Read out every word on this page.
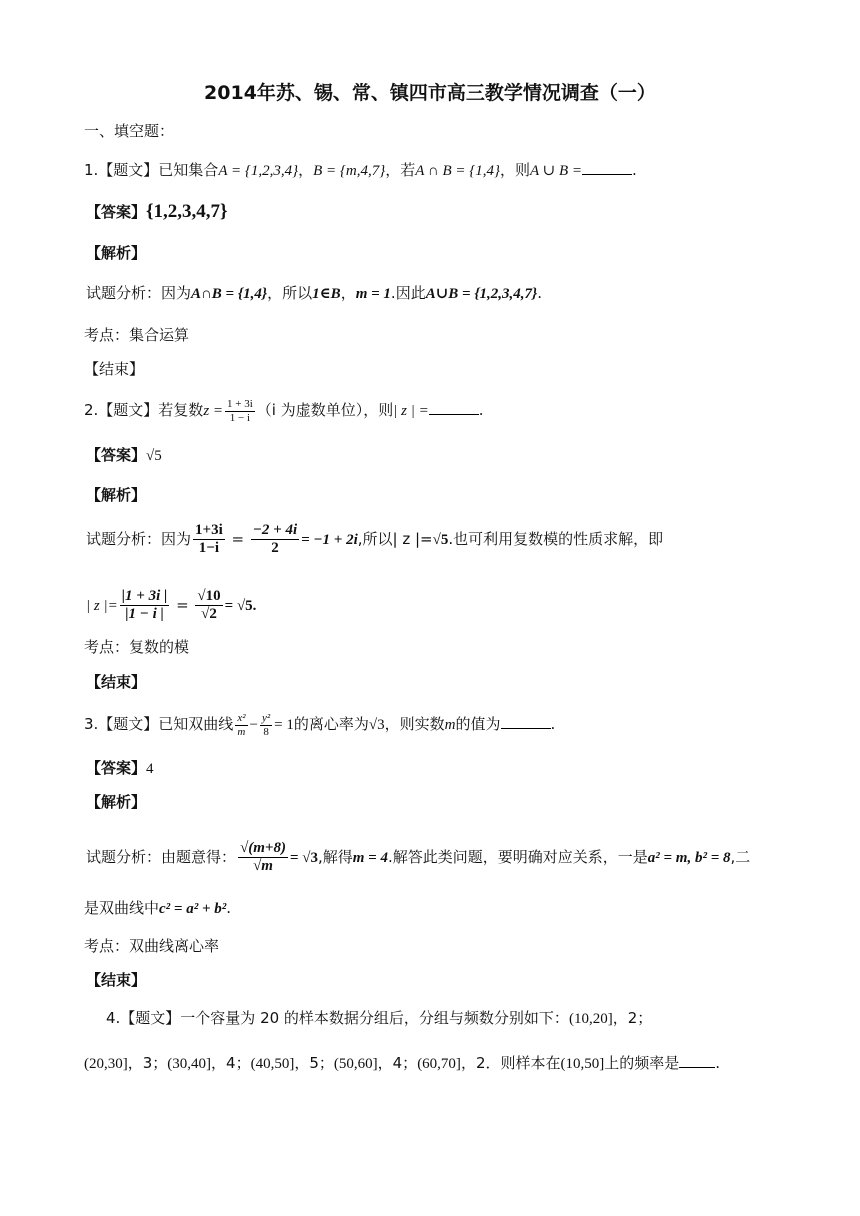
2014年苏、锡、常、镇四市高三教学情况调查（一）
一、填空题：
1.【题文】已知集合A = {1,2,3,4}，B = {m,4,7}，若A ∩ B = {1,4}，则A ∪ B =	.
【答案】{1,2,3,4,7}
【解析】
试题分析：因为A∩B = {1,4}，所以1∈B，m = 1.因此A∪B = {1,2,3,4,7}.
考点：集合运算
【结束】
2.【题文】若复数$z = \frac{1 + 3i}{1 - i} (i$ 为虚数单位），则| z | =	.
【答案】√5
【解析】
试题分析：因为 $\frac{1+3i}{1-i} = \frac{-2 + 4i}{2} = -1 + 2i$,所以| z |=√5.也可利用复数模的性质求解，即
| z |= $\frac{|1 + 3i |}{|1 - i |} = \frac{√10}{√2} = √5$.
考点：复数的模
【结束】
3.【题文】已知双曲线 $\frac{\text{x²}}{m} - \frac{\text{y²}}{8} = 1$的离心率为√3，则实数m的值为	.
【答案】4
【解析】
试题分析：由题意得： $\frac{√(m+8)}{√m} = √3$,解得m = 4.解答此类问题，要明确对应关系，一是a² = m, b² = 8,二
是双曲线中c² = a² + b².
考点：双曲线离心率
【结束】
4.【题文】一个容量为 20 的样本数据分组后，分组与频数分别如下：(10,20]，2；
(20,30]，3；(30,40]，4；(40,50]，5；(50,60]，4；(60,70]，2．则样本在(10,50]上的频率是 .
